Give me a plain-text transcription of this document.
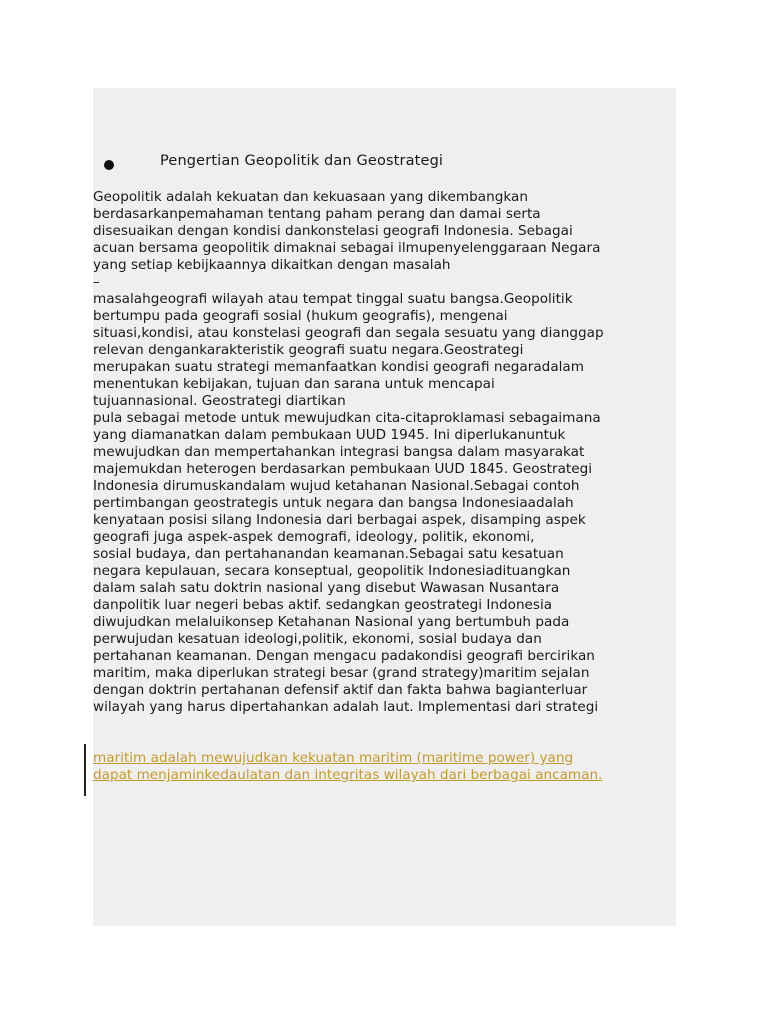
Pengertian Geopolitik dan Geostrategi
Geopolitik adalah kekuatan dan kekuasaan yang dikembangkan
berdasarkanpemahaman tentang paham perang dan damai serta
disesuaikan dengan kondisi dankonstelasi geografi Indonesia. Sebagai
acuan bersama geopolitik dimaknai sebagai ilmupenyelenggaraan Negara
yang setiap kebijkaannya dikaitkan dengan masalah
–
masalahgeografi wilayah atau tempat tinggal suatu bangsa.Geopolitik
bertumpu pada geografi sosial (hukum geografis), mengenai
situasi,kondisi, atau konstelasi geografi dan segala sesuatu yang dianggap
relevan dengankarakteristik geografi suatu negara.Geostrategi
merupakan suatu strategi memanfaatkan kondisi geografi negaradalam
menentukan kebijakan, tujuan dan sarana untuk mencapai
tujuannasional. Geostrategi diartikan
pula sebagai metode untuk mewujudkan cita-citaproklamasi sebagaimana
yang diamanatkan dalam pembukaan UUD 1945. Ini diperlukanuntuk
mewujudkan dan mempertahankan integrasi bangsa dalam masyarakat
majemukdan heterogen berdasarkan pembukaan UUD 1845. Geostrategi
Indonesia dirumuskandalam wujud ketahanan Nasional.Sebagai contoh
pertimbangan geostrategis untuk negara dan bangsa Indonesiaadalah
kenyataan posisi silang Indonesia dari berbagai aspek, disamping aspek
geografi juga aspek-aspek demografi, ideology, politik, ekonomi,
sosial budaya, dan pertahanandan keamanan.Sebagai satu kesatuan
negara kepulauan, secara konseptual, geopolitik Indonesiadituangkan
dalam salah satu doktrin nasional yang disebut Wawasan Nusantara
danpolitik luar negeri bebas aktif. sedangkan geostrategi Indonesia
diwujudkan melaluikonsep Ketahanan Nasional yang bertumbuh pada
perwujudan kesatuan ideologi,politik, ekonomi, sosial budaya dan
pertahanan keamanan. Dengan mengacu padakondisi geografi bercirikan
maritim, maka diperlukan strategi besar (grand strategy)maritim sejalan
dengan doktrin pertahanan defensif aktif dan fakta bahwa bagianterluar
wilayah yang harus dipertahankan adalah laut. Implementasi dari strategi
maritim adalah mewujudkan kekuatan maritim (maritime power) yang
dapat menjaminkedaulatan dan integritas wilayah dari berbagai ancaman.
